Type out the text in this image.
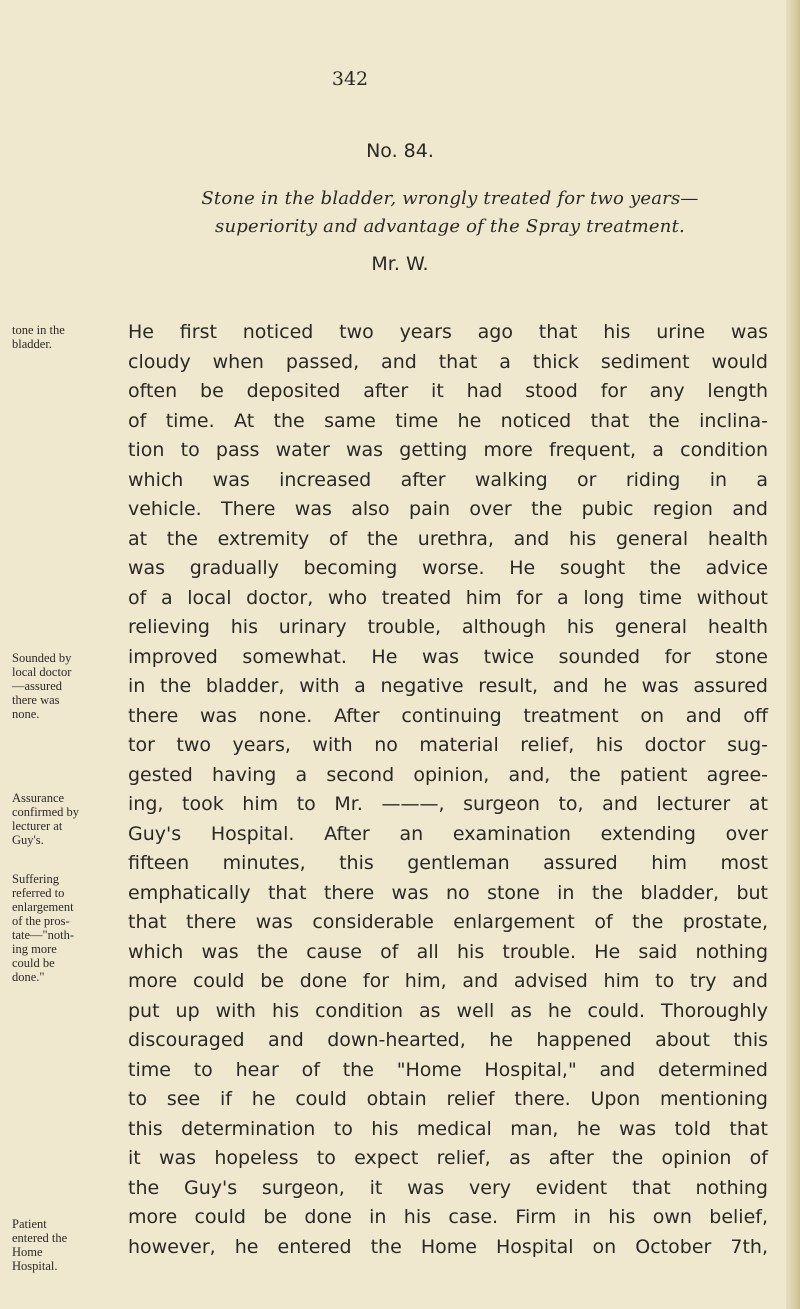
342
No. 84.
Stone in the bladder, wrongly treated for two years—
superiority and advantage of the Spray treatment.
Mr. W.
tone in the
bladder.
Sounded by
local doctor
—assured
there was
none.
Assurance
confirmed by
lecturer at
Guy's.
Suffering
referred to
enlargement
of the pros-
tate—"noth-
ing more
could be
done."
Patient
entered the
Home
Hospital.
He first noticed two years ago that his urine was
cloudy when passed, and that a thick sediment would
often be deposited after it had stood for any length
of time. At the same time he noticed that the inclina-
tion to pass water was getting more frequent, a condition
which was increased after walking or riding in a
vehicle. There was also pain over the pubic region and
at the extremity of the urethra, and his general health
was gradually becoming worse. He sought the advice
of a local doctor, who treated him for a long time without
relieving his urinary trouble, although his general health
improved somewhat. He was twice sounded for stone
in the bladder, with a negative result, and he was assured
there was none. After continuing treatment on and off
tor two years, with no material relief, his doctor sug-
gested having a second opinion, and, the patient agree-
ing, took him to Mr. ———, surgeon to, and lecturer at
Guy's Hospital. After an examination extending over
fifteen minutes, this gentleman assured him most
emphatically that there was no stone in the bladder, but
that there was considerable enlargement of the prostate,
which was the cause of all his trouble. He said nothing
more could be done for him, and advised him to try and
put up with his condition as well as he could. Thoroughly
discouraged and down-hearted, he happened about this
time to hear of the "Home Hospital," and determined
to see if he could obtain relief there. Upon mentioning
this determination to his medical man, he was told that
it was hopeless to expect relief, as after the opinion of
the Guy's surgeon, it was very evident that nothing
more could be done in his case. Firm in his own belief,
however, he entered the Home Hospital on October 7th,
